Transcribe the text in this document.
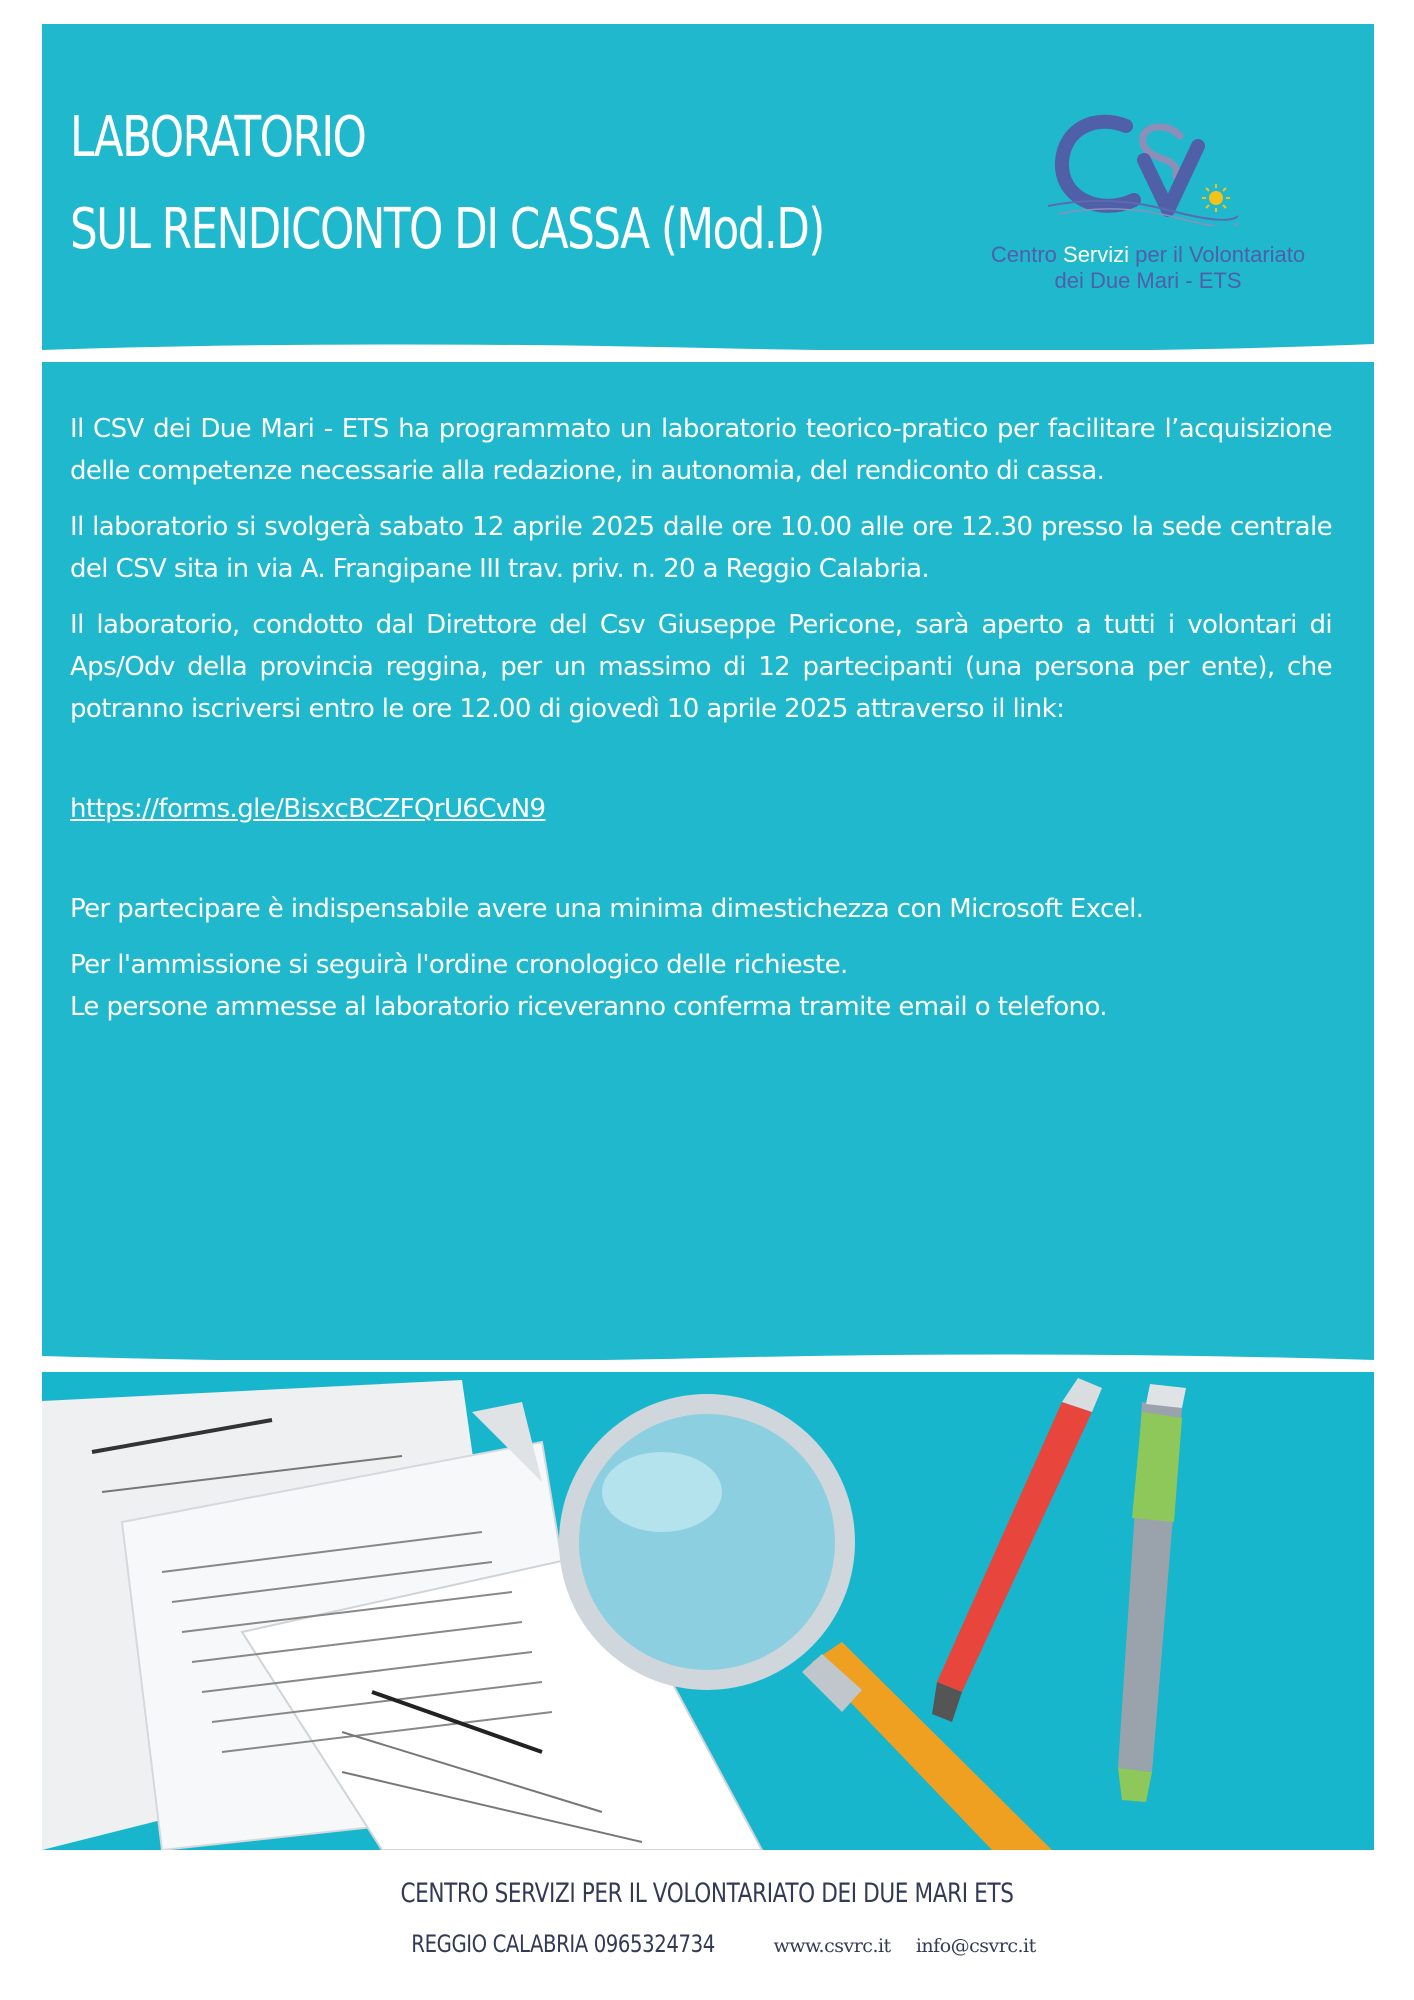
LABORATORIO
SUL RENDICONTO DI CASSA (Mod.D)	Centro Servizi per il Volontariato
dei Due Mari - ETS

Il CSV dei Due Mari - ETS ha programmato un laboratorio teorico-pratico per facilitare l’acquisizione delle competenze necessarie alla redazione, in autonomia, del rendiconto di cassa.

Il laboratorio si svolgerà sabato 12 aprile 2025 dalle ore 10.00 alle ore 12.30 presso la sede centrale del CSV sita in via A. Frangipane III trav. priv. n. 20 a Reggio Calabria.

Il laboratorio, condotto dal Direttore del Csv Giuseppe Pericone, sarà aperto a tutti i volontari di Aps/Odv della provincia reggina, per un massimo di 12 partecipanti (una persona per ente), che potranno iscriversi entro le ore 12.00 di giovedì 10 aprile 2025 attraverso il link:

https://forms.gle/BisxcBCZFQrU6CvN9

Per partecipare è indispensabile avere una minima dimestichezza con Microsoft Excel.

Per l'ammissione si seguirà l'ordine cronologico delle richieste.

Le persone ammesse al laboratorio riceveranno conferma tramite email o telefono.

CENTRO SERVIZI PER IL VOLONTARIATO DEI DUE MARI ETS
REGGIO CALABRIA 0965324734	www.csvrc.it info@csvrc.it
